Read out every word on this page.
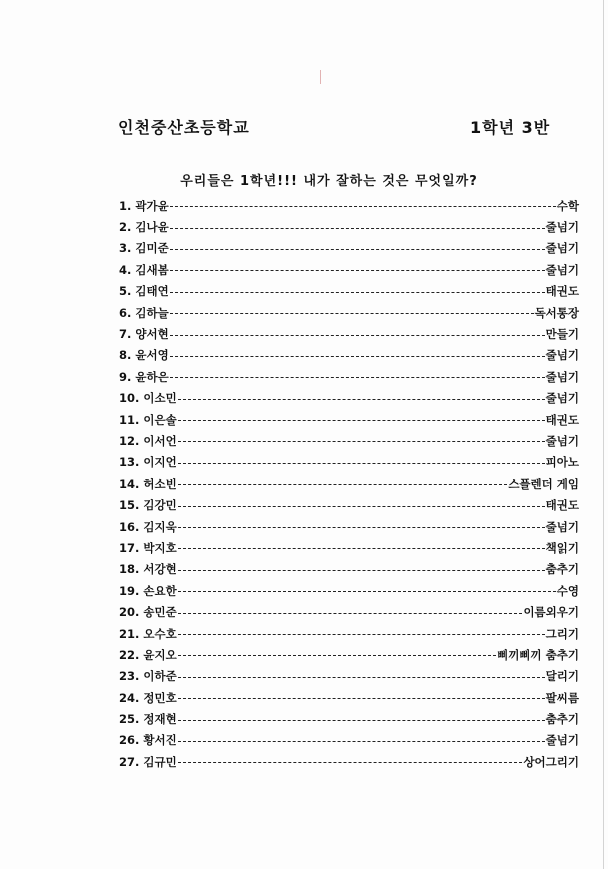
인천중산초등학교	1학년 3반
우리들은 1학년!!! 내가 잘하는 것은 무엇일까?
1. 곽가윤	수학
2. 김나윤	줄넘기
3. 김미준	줄넘기
4. 김새봄	줄넘기
5. 김태연	태권도
6. 김하늘	독서통장
7. 양서현	만들기
8. 윤서영	줄넘기
9. 윤하은	줄넘기
10. 이소민	줄넘기
11. 이은솔	태권도
12. 이서언	줄넘기
13. 이지언	피아노
14. 허소빈	스플렌더 게임
15. 김강민	태권도
16. 김지욱	줄넘기
17. 박지호	책읽기
18. 서강현	춤추기
19. 손요한	수영
20. 송민준	이름외우기
21. 오수호	그리기
22. 윤지오	삐끼삐끼 춤추기
23. 이하준	달리기
24. 정민호	팔씨름
25. 정재현	춤추기
26. 황서진	줄넘기
27. 김규민	상어그리기
